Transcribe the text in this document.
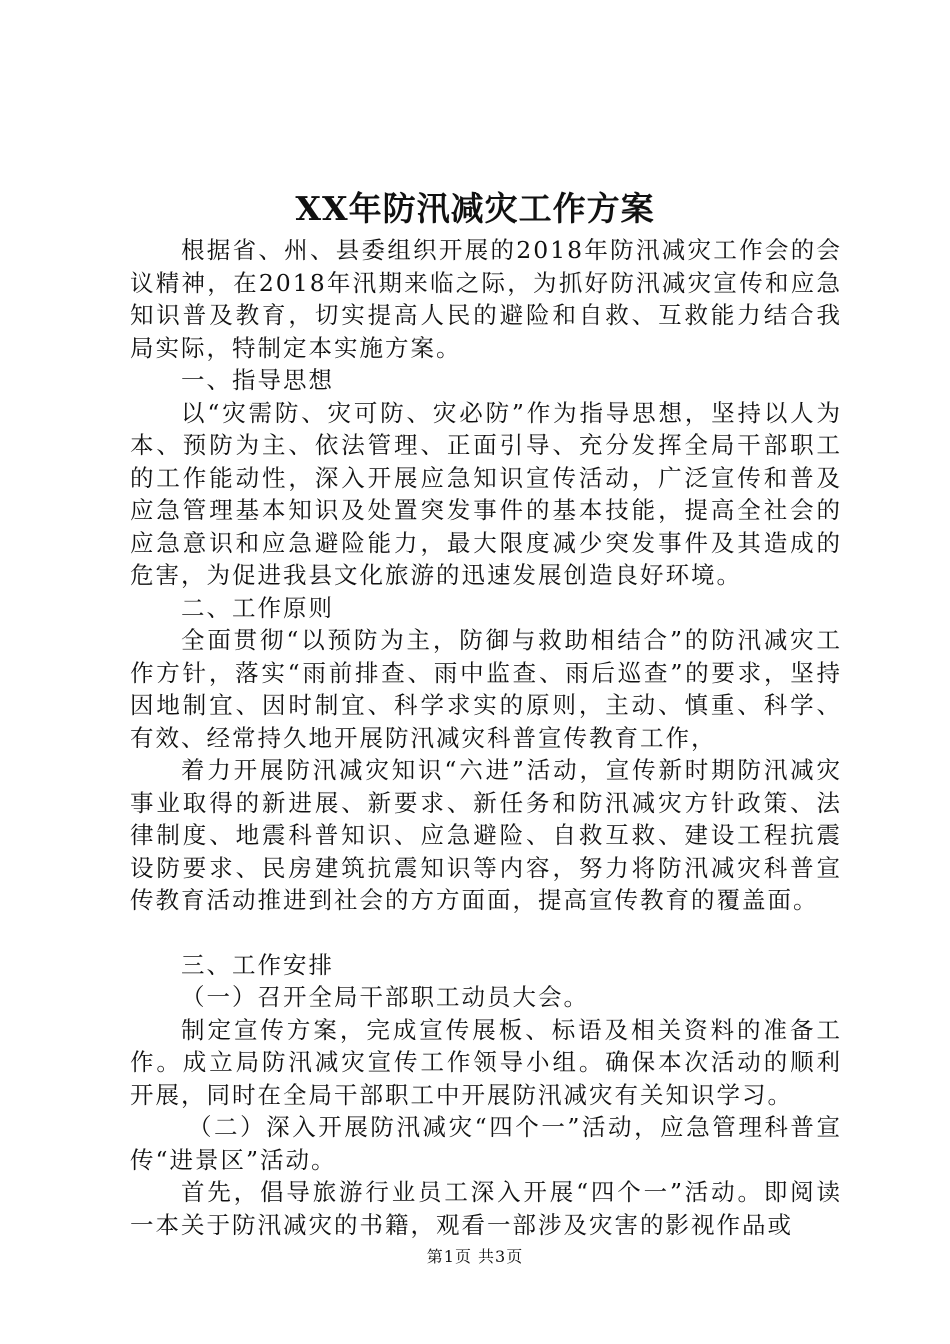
XX年防汛减灾工作方案

根据省、州、县委组织开展的2018年防汛减灾工作会的会议精神，在2018年汛期来临之际，为抓好防汛减灾宣传和应急知识普及教育，切实提高人民的避险和自救、互救能力结合我局实际，特制定本实施方案。

一、指导思想

以“灾需防、灾可防、灾必防”作为指导思想，坚持以人为本、预防为主、依法管理、正面引导、充分发挥全局干部职工的工作能动性，深入开展应急知识宣传活动，广泛宣传和普及应急管理基本知识及处置突发事件的基本技能，提高全社会的应急意识和应急避险能力，最大限度减少突发事件及其造成的危害，为促进我县文化旅游的迅速发展创造良好环境。

二、工作原则

全面贯彻“以预防为主，防御与救助相结合”的防汛减灾工作方针，落实“雨前排查、雨中监查、雨后巡查”的要求，坚持因地制宜、因时制宜、科学求实的原则，主动、慎重、科学、有效、经常持久地开展防汛减灾科普宣传教育工作，

着力开展防汛减灾知识“六进”活动，宣传新时期防汛减灾事业取得的新进展、新要求、新任务和防汛减灾方针政策、法律制度、地震科普知识、应急避险、自救互救、建设工程抗震设防要求、民房建筑抗震知识等内容，努力将防汛减灾科普宣传教育活动推进到社会的方方面面，提高宣传教育的覆盖面。

三、工作安排

（一）召开全局干部职工动员大会。

制定宣传方案，完成宣传展板、标语及相关资料的准备工作。成立局防汛减灾宣传工作领导小组。确保本次活动的顺利开展，同时在全局干部职工中开展防汛减灾有关知识学习。

（二）深入开展防汛减灾“四个一”活动，应急管理科普宣传“进景区”活动。

首先，倡导旅游行业员工深入开展“四个一”活动。即阅读一本关于防汛减灾的书籍，观看一部涉及灾害的影视作品或

第1页 共3页
